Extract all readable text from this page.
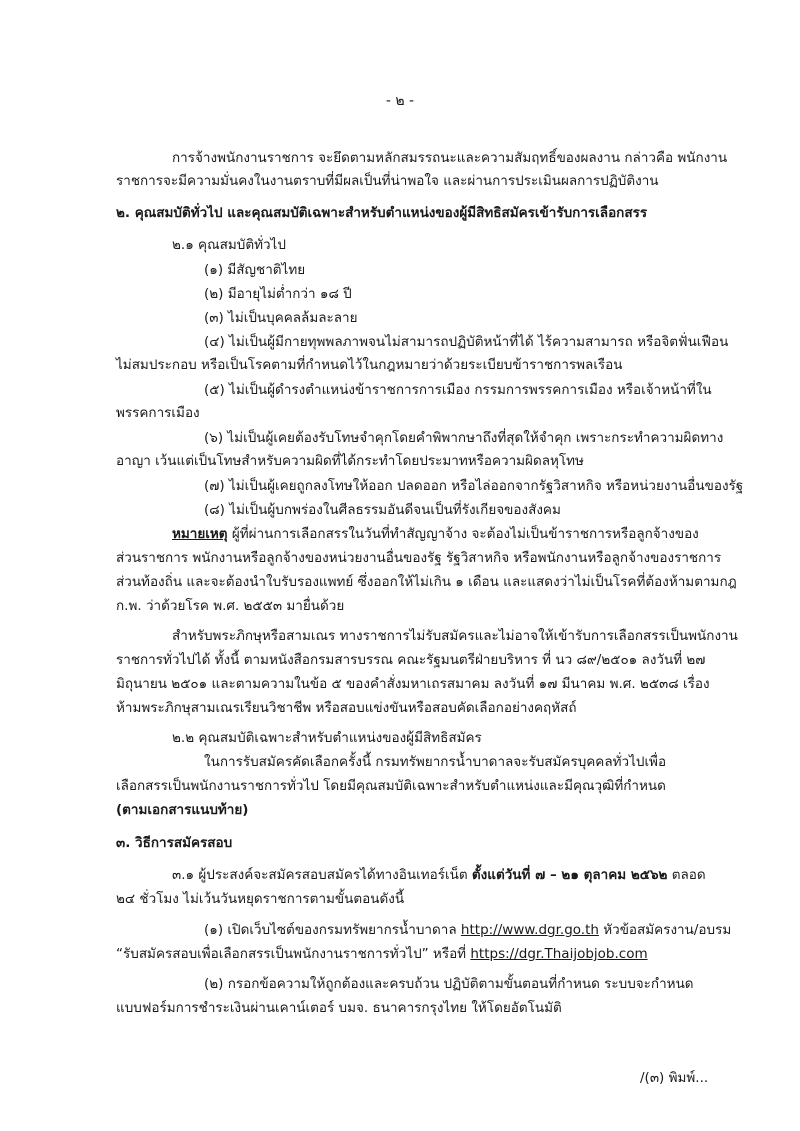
- ๒ -
การจ้างพนักงานราชการ จะยึดตามหลักสมรรถนะและความสัมฤทธิ์ของผลงาน กล่าวคือ พนักงาน
ราชการจะมีความมั่นคงในงานตราบที่มีผลเป็นที่น่าพอใจ และผ่านการประเมินผลการปฏิบัติงาน
๒. คุณสมบัติทั่วไป และคุณสมบัติเฉพาะสำหรับตำแหน่งของผู้มีสิทธิสมัครเข้ารับการเลือกสรร
๒.๑ คุณสมบัติทั่วไป
(๑) มีสัญชาติไทย
(๒) มีอายุไม่ต่ำกว่า ๑๘ ปี
(๓) ไม่เป็นบุคคลล้มละลาย
(๔) ไม่เป็นผู้มีกายทุพพลภาพจนไม่สามารถปฏิบัติหน้าที่ได้ ไร้ความสามารถ หรือจิตฟั่นเฟือน
ไม่สมประกอบ หรือเป็นโรคตามที่กำหนดไว้ในกฎหมายว่าด้วยระเบียบข้าราชการพลเรือน
(๕) ไม่เป็นผู้ดำรงตำแหน่งข้าราชการการเมือง กรรมการพรรคการเมือง หรือเจ้าหน้าที่ใน
พรรคการเมือง
(๖) ไม่เป็นผู้เคยต้องรับโทษจำคุกโดยคำพิพากษาถึงที่สุดให้จำคุก เพราะกระทำความผิดทาง
อาญา เว้นแต่เป็นโทษสำหรับความผิดที่ได้กระทำโดยประมาทหรือความผิดลหุโทษ
(๗) ไม่เป็นผู้เคยถูกลงโทษให้ออก ปลดออก หรือไล่ออกจากรัฐวิสาหกิจ หรือหน่วยงานอื่นของรัฐ
(๘) ไม่เป็นผู้บกพร่องในศีลธรรมอันดีจนเป็นที่รังเกียจของสังคม
หมายเหตุ ผู้ที่ผ่านการเลือกสรรในวันที่ทำสัญญาจ้าง จะต้องไม่เป็นข้าราชการหรือลูกจ้างของ
ส่วนราชการ พนักงานหรือลูกจ้างของหน่วยงานอื่นของรัฐ รัฐวิสาหกิจ หรือพนักงานหรือลูกจ้างของราชการ
ส่วนท้องถิ่น และจะต้องนำใบรับรองแพทย์ ซึ่งออกให้ไม่เกิน ๑ เดือน และแสดงว่าไม่เป็นโรคที่ต้องห้ามตามกฎ
ก.พ. ว่าด้วยโรค พ.ศ. ๒๕๕๓ มายื่นด้วย
สำหรับพระภิกษุหรือสามเณร ทางราชการไม่รับสมัครและไม่อาจให้เข้ารับการเลือกสรรเป็นพนักงาน
ราชการทั่วไปได้ ทั้งนี้ ตามหนังสือกรมสารบรรณ คณะรัฐมนตรีฝ่ายบริหาร ที่ นว ๘๙/๒๕๐๑ ลงวันที่ ๒๗
มิถุนายน ๒๕๐๑ และตามความในข้อ ๕ ของคำสั่งมหาเถรสมาคม ลงวันที่ ๑๗ มีนาคม พ.ศ. ๒๕๓๘ เรื่อง
ห้ามพระภิกษุสามเณรเรียนวิชาชีพ หรือสอบแข่งขันหรือสอบคัดเลือกอย่างคฤหัสถ์
๒.๒ คุณสมบัติเฉพาะสำหรับตำแหน่งของผู้มีสิทธิสมัคร
ในการรับสมัครคัดเลือกครั้งนี้ กรมทรัพยากรน้ำบาดาลจะรับสมัครบุคคลทั่วไปเพื่อ
เลือกสรรเป็นพนักงานราชการทั่วไป โดยมีคุณสมบัติเฉพาะสำหรับตำแหน่งและมีคุณวุฒิที่กำหนด
(ตามเอกสารแนบท้าย)
๓. วิธีการสมัครสอบ
๓.๑ ผู้ประสงค์จะสมัครสอบสมัครได้ทางอินเทอร์เน็ต ตั้งแต่วันที่ ๗ – ๒๑ ตุลาคม ๒๕๖๒ ตลอด
๒๔ ชั่วโมง ไม่เว้นวันหยุดราชการตามขั้นตอนดังนี้
(๑) เปิดเว็บไซต์ของกรมทรัพยากรน้ำบาดาล http://www.dgr.go.th หัวข้อสมัครงาน/อบรม
“รับสมัครสอบเพื่อเลือกสรรเป็นพนักงานราชการทั่วไป” หรือที่ https://dgr.Thaijobjob.com
(๒) กรอกข้อความให้ถูกต้องและครบถ้วน ปฏิบัติตามขั้นตอนที่กำหนด ระบบจะกำหนด
แบบฟอร์มการชำระเงินผ่านเคาน์เตอร์ บมจ. ธนาคารกรุงไทย ให้โดยอัตโนมัติ
/(๓) พิมพ์...
